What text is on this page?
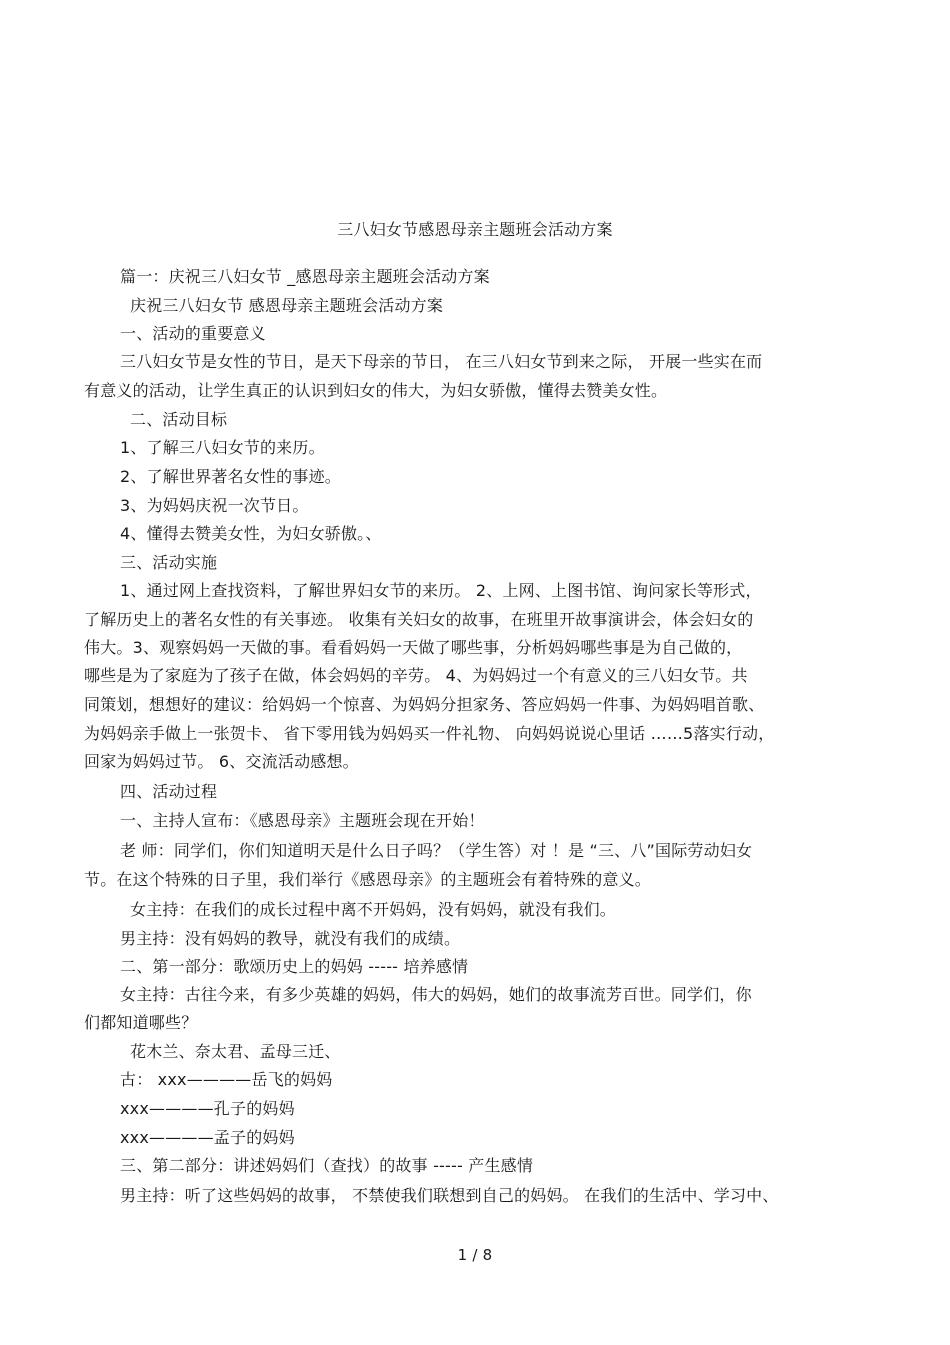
三八妇女节感恩母亲主题班会活动方案
篇一：庆祝三八妇女节 _感恩母亲主题班会活动方案
庆祝三八妇女节 感恩母亲主题班会活动方案
一、活动的重要意义
三八妇女节是女性的节日，是天下母亲的节日， 在三八妇女节到来之际， 开展一些实在而
有意义的活动，让学生真正的认识到妇女的伟大，为妇女骄傲，懂得去赞美女性。
二、活动目标
1、了解三八妇女节的来历。
2、了解世界著名女性的事迹。
3、为妈妈庆祝一次节日。
4、懂得去赞美女性，为妇女骄傲。、
三、活动实施
1、通过网上查找资料，了解世界妇女节的来历。 2、上网、上图书馆、询问家长等形式，
了解历史上的著名女性的有关事迹。 收集有关妇女的故事，在班里开故事演讲会，体会妇女的
伟大。3、观察妈妈一天做的事。看看妈妈一天做了哪些事，分析妈妈哪些事是为自己做的，
哪些是为了家庭为了孩子在做，体会妈妈的辛劳。 4、为妈妈过一个有意义的三八妇女节。共
同策划，想想好的建议：给妈妈一个惊喜、为妈妈分担家务、答应妈妈一件事、为妈妈唱首歌、
为妈妈亲手做上一张贺卡、 省下零用钱为妈妈买一件礼物、 向妈妈说说心里话 ……5落实行动，
回家为妈妈过节。 6、交流活动感想。
四、活动过程
一、主持人宣布：《感恩母亲》主题班会现在开始！
老 师：同学们，你们知道明天是什么日子吗？（学生答）对 ！是 “三、八”国际劳动妇女
节。在这个特殊的日子里，我们举行《感恩母亲》的主题班会有着特殊的意义。
女主持：在我们的成长过程中离不开妈妈，没有妈妈，就没有我们。
男主持：没有妈妈的教导，就没有我们的成绩。
二、第一部分：歌颂历史上的妈妈 ----- 培养感情
女主持：古往今来，有多少英雄的妈妈，伟大的妈妈，她们的故事流芳百世。同学们，你
们都知道哪些？
花木兰、奈太君、孟母三迁、
古： xxx————岳飞的妈妈
xxx————孔子的妈妈
xxx————孟子的妈妈
三、第二部分：讲述妈妈们（查找）的故事 ----- 产生感情
男主持：听了这些妈妈的故事， 不禁使我们联想到自己的妈妈。 在我们的生活中、学习中、
1 / 8
